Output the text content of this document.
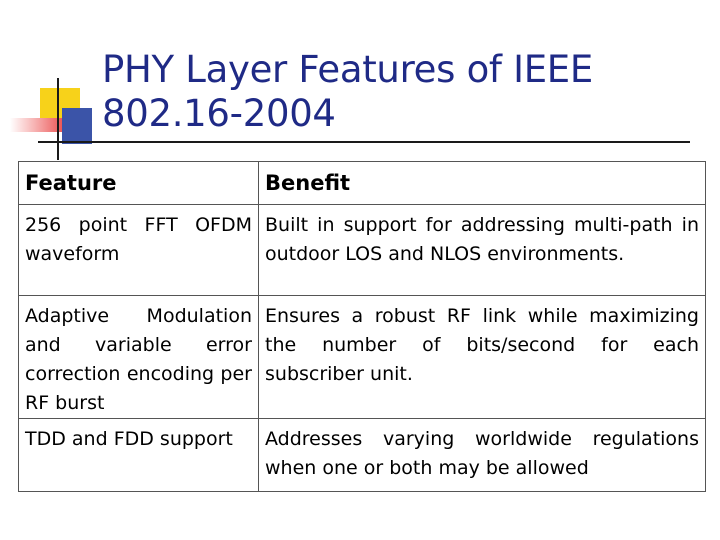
PHY Layer Features of IEEE 802.16-2004
Feature	Benefit
256 point FFT OFDM waveform	Built in support for addressing multi-path in outdoor LOS and NLOS environments.
Adaptive Modulation and variable error correction encoding per RF burst	Ensures a robust RF link while maximizing the number of bits/second for each subscriber unit.
TDD and FDD support	Addresses varying worldwide regulations when one or both may be allowed
